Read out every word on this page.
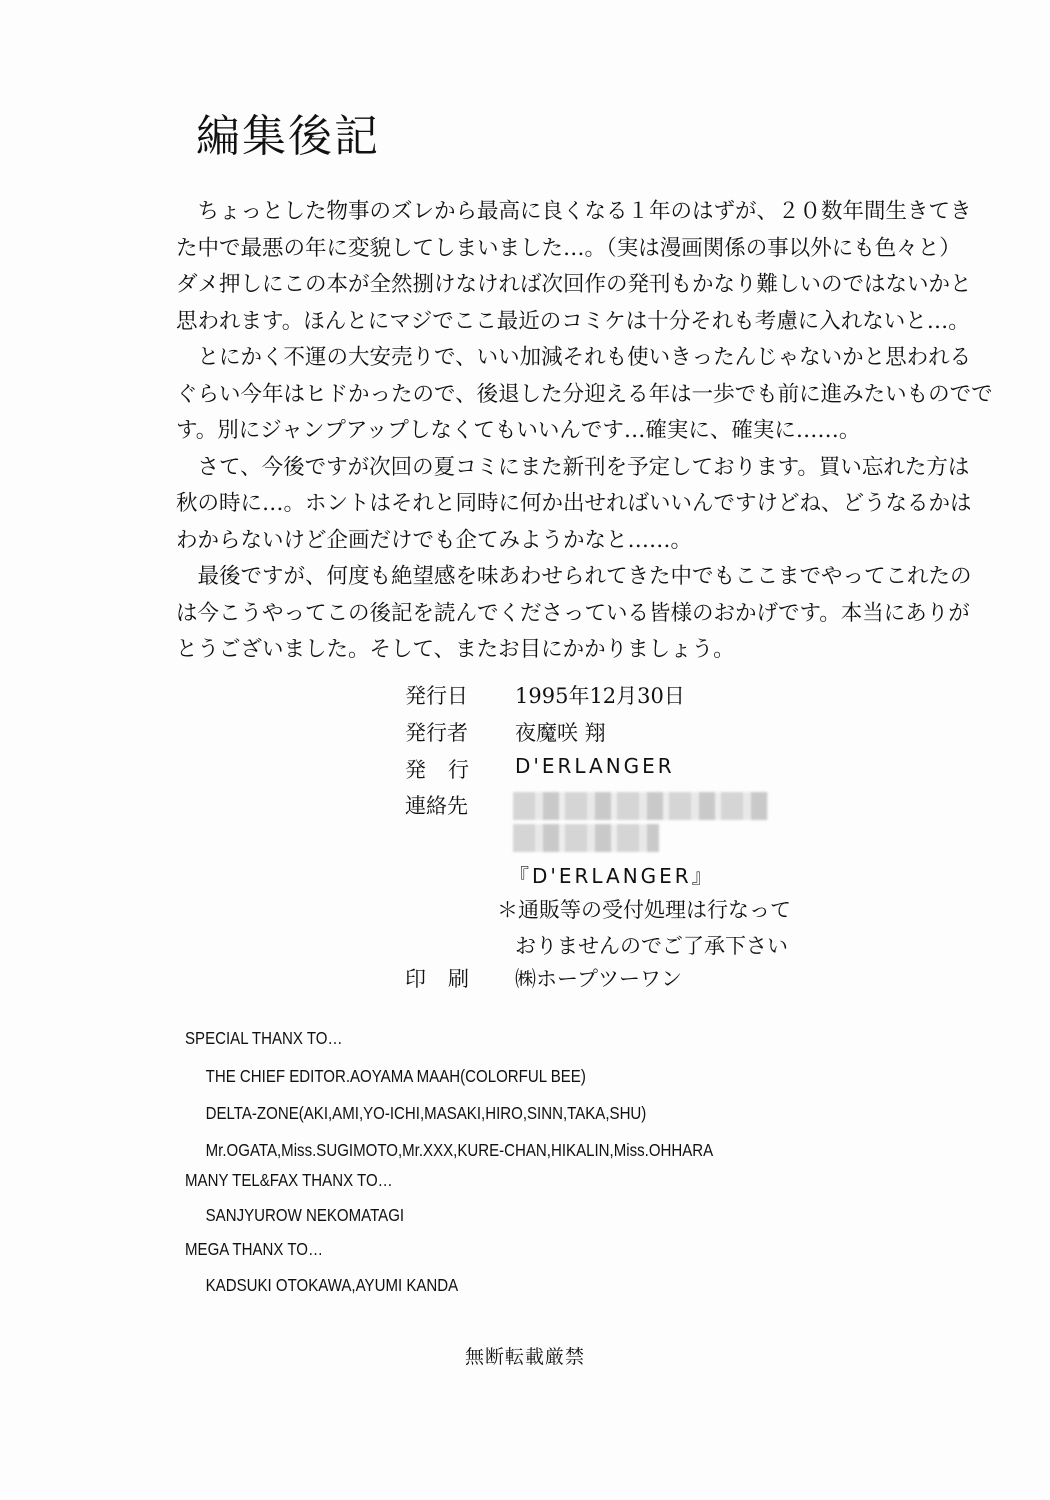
編集後記
　ちょっとした物事のズレから最高に良くなる１年のはずが、２０数年間生きてき
た中で最悪の年に変貌してしまいました…。（実は漫画関係の事以外にも色々と）
ダメ押しにこの本が全然捌けなければ次回作の発刊もかなり難しいのではないかと
思われます。ほんとにマジでここ最近のコミケは十分それも考慮に入れないと…。
　とにかく不運の大安売りで、いい加減それも使いきったんじゃないかと思われる
ぐらい今年はヒドかったので、後退した分迎える年は一歩でも前に進みたいものでで
す。別にジャンプアップしなくてもいいんです…確実に、確実に……。
　さて、今後ですが次回の夏コミにまた新刊を予定しております。買い忘れた方は
秋の時に…。ホントはそれと同時に何か出せればいいんですけどね、どうなるかは
わからないけど企画だけでも企てみようかなと……。
　最後ですが、何度も絶望感を味あわせられてきた中でもここまでやってこれたの
は今こうやってこの後記を読んでくださっている皆様のおかげです。本当にありが
とうございました。そして、またお目にかかりましょう。
発行日	1995年12月30日
発行者	夜魔咲 翔
発行	D'ERLANGER
連絡先
『D'ERLANGER』
＊通販等の受付処理は行なって
おりませんのでご了承下さい
印刷	㈱ホープツーワン
SPECIAL THANX TO…
THE CHIEF EDITOR.AOYAMA MAAH(COLORFUL BEE)
DELTA-ZONE(AKI,AMI,YO-ICHI,MASAKI,HIRO,SINN,TAKA,SHU)
Mr.OGATA,Miss.SUGIMOTO,Mr.XXX,KURE-CHAN,HIKALIN,Miss.OHHARA
MANY TEL&FAX THANX TO…
SANJYUROW NEKOMATAGI
MEGA THANX TO…
KADSUKI OTOKAWA,AYUMI KANDA
無断転載厳禁
